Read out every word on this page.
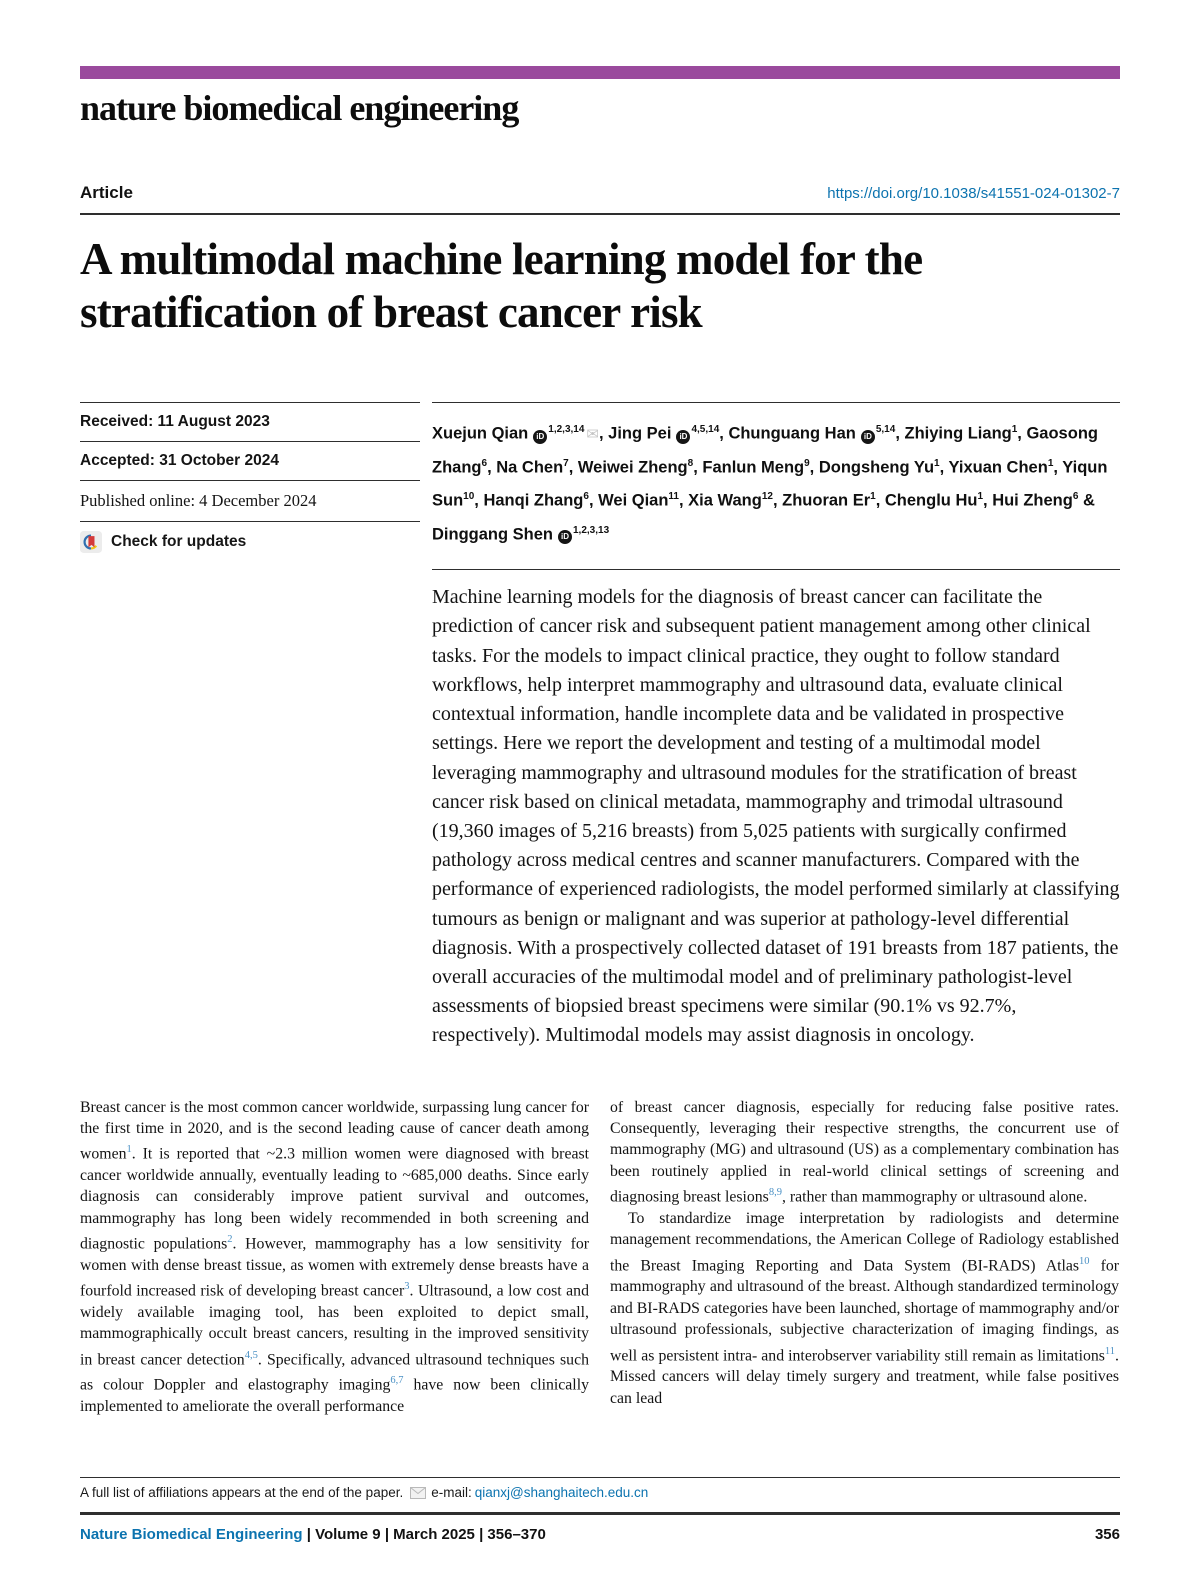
nature biomedical engineering
Article	https://doi.org/10.1038/s41551-024-01302-7
A multimodal machine learning model for the stratification of breast cancer risk
Received: 11 August 2023
Accepted: 31 October 2024
Published online: 4 December 2024
Check for updates
Xuejun Qian iD$^{1,2,3,14}$ ✉, Jing Pei iD$^{4,5,14}$, Chunguang Han iD$^{5,14}$, Zhiying Liang$^1$, Gaosong Zhang$^6$, Na Chen$^7$, Weiwei Zheng$^8$, Fanlun Meng$^9$, Dongsheng Yu$^1$, Yixuan Chen$^1$, Yiqun Sun$^{10}$, Hanqi Zhang$^6$, Wei Qian$^{11}$, Xia Wang$^{12}$, Zhuoran Er$^1$, Chenglu Hu$^1$, Hui Zheng$^6$ & Dinggang Shen iD$^{1,2,3,13}$
Machine learning models for the diagnosis of breast cancer can facilitate the prediction of cancer risk and subsequent patient management among other clinical tasks. For the models to impact clinical practice, they ought to follow standard workflows, help interpret mammography and ultrasound data, evaluate clinical contextual information, handle incomplete data and be validated in prospective settings. Here we report the development and testing of a multimodal model leveraging mammography and ultrasound modules for the stratification of breast cancer risk based on clinical metadata, mammography and trimodal ultrasound (19,360 images of 5,216 breasts) from 5,025 patients with surgically confirmed pathology across medical centres and scanner manufacturers. Compared with the performance of experienced radiologists, the model performed similarly at classifying tumours as benign or malignant and was superior at pathology-level differential diagnosis. With a prospectively collected dataset of 191 breasts from 187 patients, the overall accuracies of the multimodal model and of preliminary pathologist-level assessments of biopsied breast specimens were similar (90.1% vs 92.7%, respectively). Multimodal models may assist diagnosis in oncology.

Breast cancer is the most common cancer worldwide, surpassing lung cancer for the first time in 2020, and is the second leading cause of cancer death among women$^1$. It is reported that ~2.3 million women were diagnosed with breast cancer worldwide annually, eventually leading to ~685,000 deaths. Since early diagnosis can considerably improve patient survival and outcomes, mammography has long been widely recommended in both screening and diagnostic populations$^2$. However, mammography has a low sensitivity for women with dense breast tissue, as women with extremely dense breasts have a fourfold increased risk of developing breast cancer$^3$. Ultrasound, a low cost and widely available imaging tool, has been exploited to depict small, mammographically occult breast cancers, resulting in the improved sensitivity in breast cancer detection$^{4,5}$. Specifically, advanced ultrasound techniques such as colour Doppler and elastography imaging$^{6,7}$ have now been clinically implemented to ameliorate the overall performance

of breast cancer diagnosis, especially for reducing false positive rates. Consequently, leveraging their respective strengths, the concurrent use of mammography (MG) and ultrasound (US) as a complementary combination has been routinely applied in real-world clinical settings of screening and diagnosing breast lesions$^{8,9}$, rather than mammography or ultrasound alone.

To standardize image interpretation by radiologists and determine management recommendations, the American College of Radiology established the Breast Imaging Reporting and Data System (BI-RADS) Atlas$^{10}$ for mammography and ultrasound of the breast. Although standardized terminology and BI-RADS categories have been launched, shortage of mammography and/or ultrasound professionals, subjective characterization of imaging findings, as well as persistent intra- and interobserver variability still remain as limitations$^{11}$. Missed cancers will delay timely surgery and treatment, while false positives can lead

A full list of affiliations appears at the end of the paper. e-mail: qianxj@shanghaitech.edu.cn
Nature Biomedical Engineering | Volume 9 | March 2025 | 356–370	356
